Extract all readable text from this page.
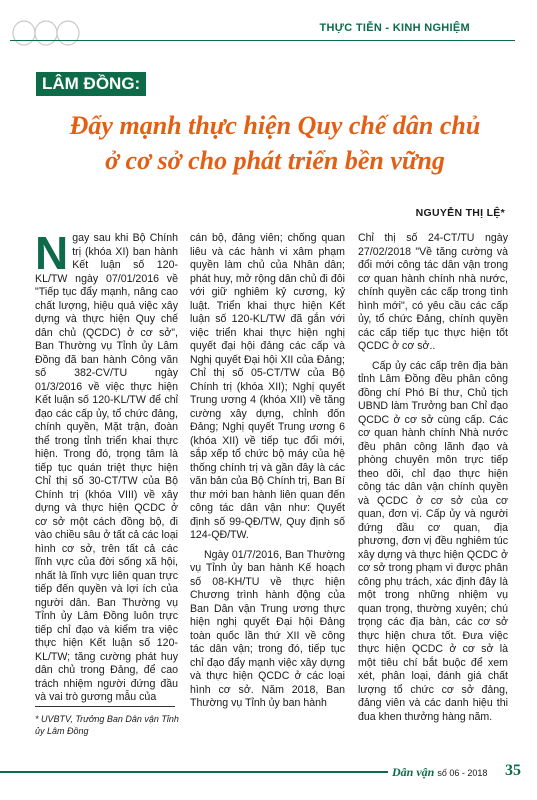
THỰC TIỄN - KINH NGHIỆM
LÂM ĐỒNG:
Đẩy mạnh thực hiện Quy chế dân chủ
ở cơ sở cho phát triển bền vững
NGUYỄN THỊ LỆ*

Ngay sau khi Bộ Chính trị (khóa XI) ban hành Kết luận số 120-KL/TW ngày 07/01/2016 về "Tiếp tục đẩy mạnh, nâng cao chất lượng, hiệu quả việc xây dựng và thực hiện Quy chế dân chủ (QCDC) ở cơ sở", Ban Thường vụ Tỉnh ủy Lâm Đồng đã ban hành Công văn số 382-CV/TU ngày 01/3/2016 về việc thực hiện Kết luận số 120-KL/TW để chỉ đạo các cấp ủy, tổ chức đảng, chính quyền, Mặt trận, đoàn thể trong tỉnh triển khai thực hiện. Trong đó, trọng tâm là tiếp tục quán triệt thực hiện Chỉ thị số 30-CT/TW của Bộ Chính trị (khóa VIII) về xây dựng và thực hiện QCDC ở cơ sở một cách đồng bộ, đi vào chiều sâu ở tất cả các loại hình cơ sở, trên tất cả các lĩnh vực của đời sống xã hội, nhất là lĩnh vực liên quan trực tiếp đến quyền và lợi ích của người dân. Ban Thường vụ Tỉnh ủy Lâm Đồng luôn trực tiếp chỉ đạo và kiểm tra việc thực hiện Kết luận số 120-KL/TW; tăng cường phát huy dân chủ trong Đảng, để cao trách nhiệm người đứng đầu và vai trò gương mẫu của

cán bộ, đảng viên; chống quan liêu và các hành vi xâm phạm quyền làm chủ của Nhân dân; phát huy, mở rộng dân chủ đi đôi với giữ nghiêm kỷ cương, kỷ luật. Triển khai thực hiện Kết luận số 120-KL/TW đã gắn với việc triển khai thực hiện nghị quyết đại hội đảng các cấp và Nghị quyết Đại hội XII của Đảng; Chỉ thị số 05-CT/TW của Bộ Chính trị (khóa XII); Nghị quyết Trung ương 4 (khóa XII) về tăng cường xây dựng, chỉnh đốn Đảng; Nghị quyết Trung ương 6 (khóa XII) về tiếp tục đổi mới, sắp xếp tổ chức bộ máy của hệ thống chính trị và gần đây là các văn bản của Bộ Chính trị, Ban Bí thư mới ban hành liên quan đến công tác dân vận như: Quyết định số 99-QĐ/TW, Quy định số 124-QĐ/TW.

Ngày 01/7/2016, Ban Thường vụ Tỉnh ủy ban hành Kế hoạch số 08-KH/TU về thực hiện Chương trình hành động của Ban Dân vận Trung ương thực hiện nghị quyết Đại hội Đảng toàn quốc lần thứ XII về công tác dân vận; trong đó, tiếp tục chỉ đạo đẩy mạnh việc xây dựng và thực hiện QCDC ở các loại hình cơ sở. Năm 2018, Ban Thường vụ Tỉnh ủy ban hành

Chỉ thị số 24-CT/TU ngày 27/02/2018 "Về tăng cường và đổi mới công tác dân vận trong cơ quan hành chính nhà nước, chính quyền các cấp trong tình hình mới", có yêu cầu các cấp ủy, tổ chức Đảng, chính quyền các cấp tiếp tục thực hiện tốt QCDC ở cơ sở..

Cấp ủy các cấp trên địa bàn tỉnh Lâm Đồng đều phân công đồng chí Phó Bí thư, Chủ tịch UBND làm Trưởng ban Chỉ đạo QCDC ở cơ sở cùng cấp. Các cơ quan hành chính Nhà nước đều phân công lãnh đạo và phòng chuyên môn trực tiếp theo dõi, chỉ đạo thực hiện công tác dân vận chính quyền và QCDC ở cơ sở của cơ quan, đơn vị. Cấp ủy và người đứng đầu cơ quan, địa phương, đơn vị đều nghiêm túc xây dựng và thực hiện QCDC ở cơ sở trong phạm vi được phân công phụ trách, xác định đây là một trong những nhiệm vụ quan trọng, thường xuyên; chú trọng các địa bàn, các cơ sở thực hiện chưa tốt. Đưa việc thực hiện QCDC ở cơ sở là một tiêu chí bắt buộc để xem xét, phân loại, đánh giá chất lượng tổ chức cơ sở đảng, đảng viên và các danh hiệu thi đua khen thưởng hàng năm.

* UVBTV, Trưởng Ban Dân vận Tỉnh ủy Lâm Đồng
Dân vận số 06 - 2018 35
